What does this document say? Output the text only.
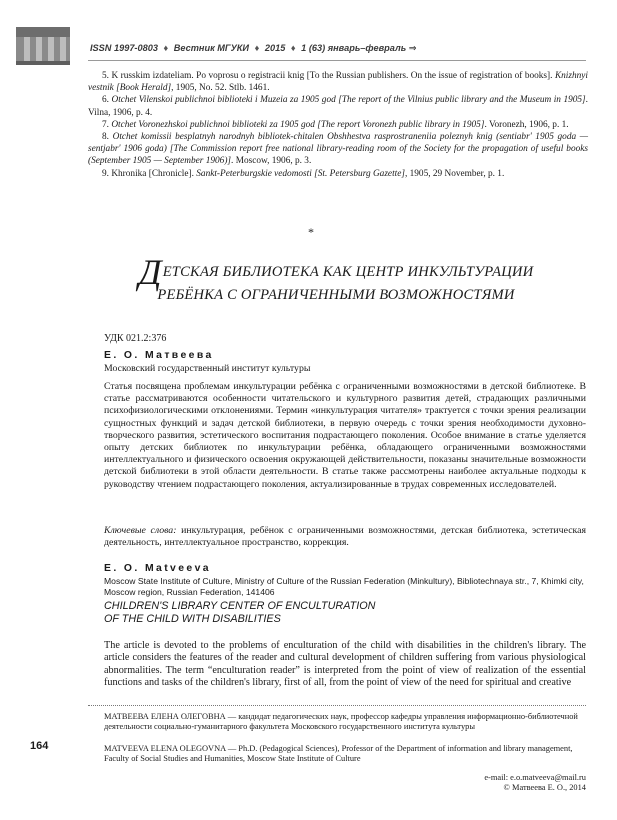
ISSN 1997-0803 ♦ Вестник МГУКИ ♦ 2015 ♦ 1 (63) январь–февраль ⇒

5. K russkim izdateliam. Po voprosu o registracii knig [To the Russian publishers. On the issue of registration of books]. Knizhnyi vestnik [Book Herald], 1905, No. 52. Stlb. 1461.

6. Otchet Vilenskoi publichnoi biblioteki i Muzeia za 1905 god [The report of the Vilnius public library and the Museum in 1905]. Vilna, 1906, p. 4.

7. Otchet Voronezhskoi publichnoi biblioteki za 1905 god [The report Voronezh public library in 1905]. Voronezh, 1906, p. 1.

8. Otchet komissii besplatnyh narodnyh bibliotek-chitalen Obshhestva rasprostraneniia poleznyh knig (sentiabr' 1905 goda — sentjabr' 1906 goda) [The Commission report free national library-reading room of the Society for the propagation of useful books (September 1905 — September 1906)]. Moscow, 1906, p. 3.

9. Khronika [Chronicle]. Sankt-Peterburgskie vedomosti [St. Petersburg Gazette], 1905, 29 November, p. 1.

*
ДЕТСКАЯ БИБЛИОТЕКА КАК ЦЕНТР ИНКУЛЬТУРАЦИИ
РЕБЁНКА С ОГРАНИЧЕННЫМИ ВОЗМОЖНОСТЯМИ
УДК 021.2:376
Е. О. Матвеева
Московский государственный институт культуры

Статья посвящена проблемам инкультурации ребёнка с ограниченными возможностями в детской библиотеке. В статье рассматриваются особенности читательского и культурного развития детей, страдающих различными психофизиологическими отклонениями. Термин «инкультурация читателя» трактуется с точки зрения реализации сущностных функций и задач детской библиотеки, в первую очередь с точки зрения необходимости духовно-творческого развития, эстетического воспитания подрастающего поколения. Особое внимание в статье уделяется опыту детских библиотек по инкультурации ребёнка, обладающего ограниченными возможностями интеллектуального и физического освоения окружающей действительности, показаны значительные возможности детской библиотеки в этой области деятельности. В статье также рассмотрены наиболее актуальные подходы к руководству чтением подрастающего поколения, актуализированные в трудах современных исследователей.

Ключевые слова: инкультурация, ребёнок с ограниченными возможностями, детская библиотека, эстетическая деятельность, интеллектуальное пространство, коррекция.
E. O. Matveeva
Moscow State Institute of Culture, Ministry of Culture of the Russian Federation (Minkultury), Bibliotechnaya str., 7, Khimki city, Moscow region, Russian Federation, 141406
CHILDREN'S LIBRARY CENTER OF ENCULTURATION
OF THE CHILD WITH DISABILITIES

The article is devoted to the problems of enculturation of the child with disabilities in the children's library. The article considers the features of the reader and cultural development of children suffering from various physiological abnormalities. The term “enculturation reader” is interpreted from the point of view of realization of the essential functions and tasks of the children's library, first of all, from the point of view of the need for spiritual and creative

164
МАТВЕЕВА ЕЛЕНА ОЛЕГОВНА — кандидат педагогических наук, профессор кафедры управления информационно-библиотечной деятельности социально-гуманитарного факультета Московского государственного института культуры
MATVEEVA ELENA OLEGOVNA — Ph.D. (Pedagogical Sciences), Professor of the Department of information and library management, Faculty of Social Studies and Humanities, Moscow State Institute of Culture
e-mail: e.o.matveeva@mail.ru
© Матвеева Е. О., 2014
